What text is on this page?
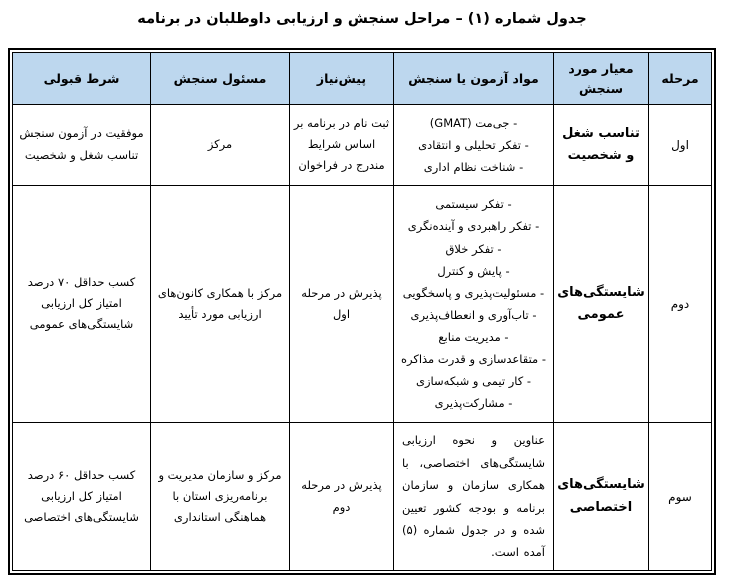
جدول شماره (۱) – مراحل سنجش و ارزیابی داوطلبان در برنامه
مرحله	معیار مورد سنجش	مواد آزمون یا سنجش	پیش‌نیاز	مسئول سنجش	شرط قبولی
اول	تناسب شغل و شخصیت	- جی‌مت (GMAT)
- تفکر تحلیلی و انتقادی
- شناخت نظام اداری	ثبت نام در برنامه بر اساس شرایط مندرج در فراخوان	مرکز	موفقیت در آزمون سنجش تناسب شغل و شخصیت
دوم	شایستگی‌های عمومی	
- تفکر سیستمی
- تفکر راهبردی و آینده‌نگری
- تفکر خلاق
- پایش و کنترل
- مسئولیت‌پذیری و پاسخگویی
- تاب‌آوری و انعطاف‌پذیری
- مدیریت منابع
- متقاعدسازی و قدرت مذاکره
- کار تیمی و شبکه‌سازی
- مشارکت‌پذیری
	پذیرش در مرحله اول	مرکز با همکاری کانون‌های ارزیابی مورد تأیید	کسب حداقل ۷۰ درصد امتیاز کل ارزیابی شایستگی‌های عمومی
سوم	شایستگی‌های اختصاصی	عناوین و نحوه ارزیابی شایستگی‌های اختصاصی، با همکاری سازمان و سازمان برنامه و بودجه کشور تعیین شده و در جدول شماره (۵) آمده است.	پذیرش در مرحله دوم	مرکز و سازمان مدیریت و برنامه‌ریزی استان با هماهنگی استانداری	کسب حداقل ۶۰ درصد امتیاز کل ارزیابی شایستگی‌های اختصاصی
